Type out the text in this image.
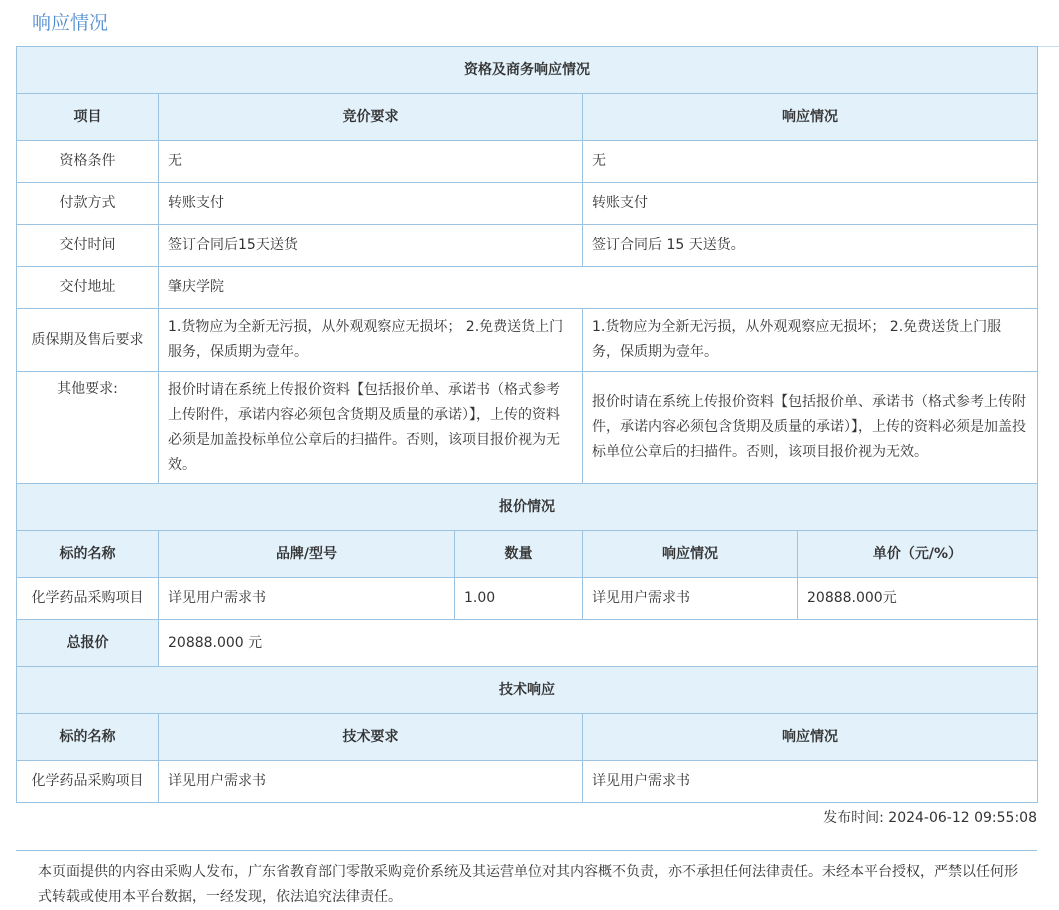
响应情况
资格及商务响应情况				
项目	竞价要求		响应情况	
资格条件	无		无	
付款方式	转账支付		转账支付	
交付时间	签订合同后15天送货		签订合同后 15 天送货。	
交付地址	肇庆学院			
质保期及售后要求	1.货物应为全新无污损，从外观观察应无损坏； 2.免费送货上门服务，保质期为壹年。		1.货物应为全新无污损，从外观观察应无损坏； 2.免费送货上门服务，保质期为壹年。	
其他要求:	报价时请在系统上传报价资料【包括报价单、承诺书（格式参考上传附件，承诺内容必须包含货期及质量的承诺）】，上传的资料必须是加盖投标单位公章后的扫描件。否则，该项目报价视为无效。		报价时请在系统上传报价资料【包括报价单、承诺书（格式参考上传附件，承诺内容必须包含货期及质量的承诺）】，上传的资料必须是加盖投标单位公章后的扫描件。否则，该项目报价视为无效。	
报价情况				
标的名称	品牌/型号	数量	响应情况	单价（元/%）
化学药品采购项目	详见用户需求书	1.00	详见用户需求书	20888.000元
总报价	20888.000 元			
技术响应				
标的名称	技术要求		响应情况	
化学药品采购项目	详见用户需求书		详见用户需求书	
发布时间: 2024-06-12 09:55:08
本页面提供的内容由采购人发布，广东省教育部门零散采购竞价系统及其运营单位对其内容概不负责，亦不承担任何法律责任。未经本平台授权，严禁以任何形式转载或使用本平台数据，一经发现，依法追究法律责任。
